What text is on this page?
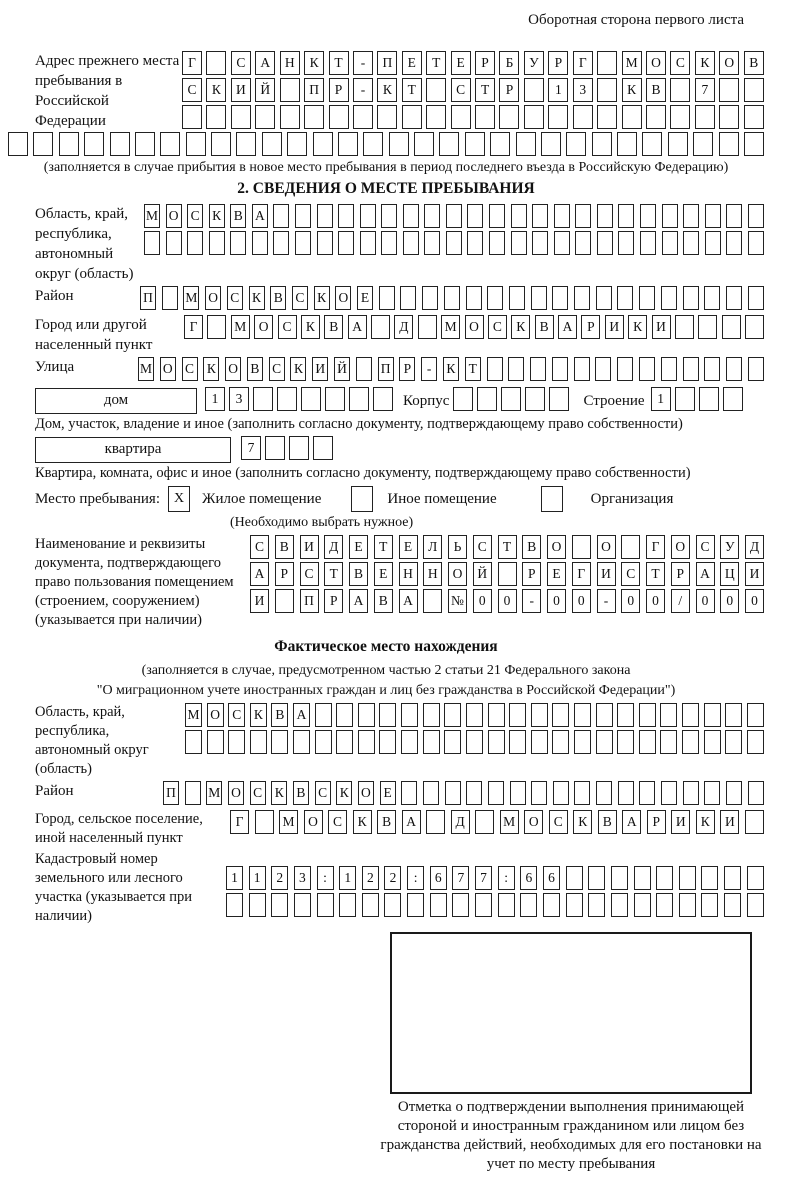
Оборотная сторона первого листа
Адрес прежнего места пребывания в Российской Федерации
Г	С	А	Н	К	Т	-	П	Е	Т	Е	Р	Б	У	Р	Г	М	О	С	К	О	В
С	К	И	Й	П	Р	-	К	Т	С	Т	Р	1	3	К	В	7
(заполняется в случае прибытия в новое место пребывания в период последнего въезда в Российскую Федерацию)
2. СВЕДЕНИЯ О МЕСТЕ ПРЕБЫВАНИЯ
Область, край, республика, автономный округ (область)
М О С К В А
Район	П М О С К В С К О Е
Город или другой населенный пункт
Г	М О	С	К	В	А	Д	М О	С	К	В	А	Р	И	К	И
Улица	М О С К О В С К И Й	П Р	-	К Т
дом	1	3	Корпус	Строение 1
Дом, участок, владение и иное (заполнить согласно документу, подтверждающему право собственности)
квартира	7
Квартира, комната, офис и иное (заполнить согласно документу, подтверждающему право собственности)
Место пребывания: X	Жилое помещение	Иное помещение	Организация
(Необходимо выбрать нужное)
Наименование и реквизиты документа, подтверждающего право пользования помещением (строением, сооружением) (указывается при наличии)
С	В	И	Д	Е	Т	Е	Л	Ь	С	Т	В	О	О	Г	О	С	У	Д
А	Р	С	Т	В	Е	Н	Н	О	Й	Р	Е	Г	И	С	Т	Р	А	Ц	И
И	П	Р	А	В	А	№	0	0	-	0	0	-	0	0	/	0	0	0
Фактическое место нахождения
(заполняется в случае, предусмотренном частью 2 статьи 21 Федерального закона
"О миграционном учете иностранных граждан и лиц без гражданства в Российской Федерации")
Область, край, республика, автономный округ (область)
М О С К В А
Район	П М О С К В С К О Е
Город, сельское поселение, иной населенный пункт
Г	М	О	С	К	В	А	Д	М	О	С	К	В	А	Р	И	К	И
Кадастровый номер земельного или лесного участка (указывается при наличии)
1	1	2	3	:	1	2	2	:	6	7	7	:	6	6
Отметка о подтверждении выполнения принимающей стороной и иностранным гражданином или лицом без гражданства действий, необходимых для его постановки на учет по месту пребывания
